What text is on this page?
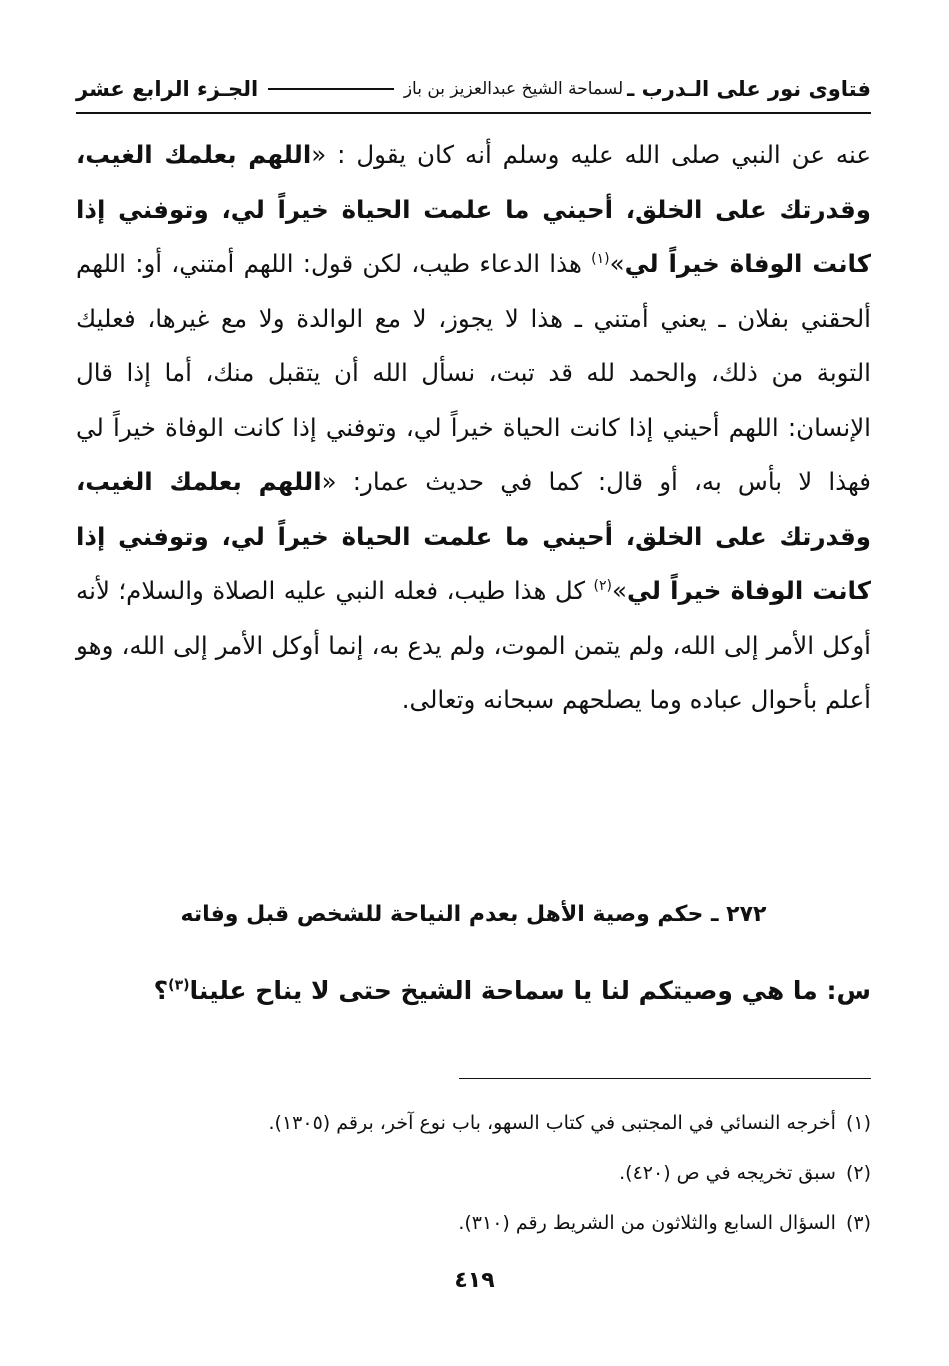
فتاوى نور على الـدرب ـ
لسماحة الشيخ عبدالعزيز بن باز
الجـزء الرابع عشر

عنه عن النبي صلى الله عليه وسلم أنه كان يقول : «اللهم بعلمك الغيب، وقدرتك على الخلق، أحيني ما علمت الحياة خيراً لي، وتوفني إذا كانت الوفاة خيراً لي»$^{(١)}$ هذا الدعاء طيب، لكن قول: اللهم أمتني، أو: اللهم ألحقني بفلان ـ يعني أمتني ـ هذا لا يجوز، لا مع الوالدة ولا مع غيرها، فعليك التوبة من ذلك، والحمد لله قد تبت، نسأل الله أن يتقبل منك، أما إذا قال الإنسان: اللهم أحيني إذا كانت الحياة خيراً لي، وتوفني إذا كانت الوفاة خيراً لي فهذا لا بأس به، أو قال: كما في حديث عمار: «اللهم بعلمك الغيب، وقدرتك على الخلق، أحيني ما علمت الحياة خيراً لي، وتوفني إذا كانت الوفاة خيراً لي»$^{(٢)}$ كل هذا طيب، فعله النبي عليه الصلاة والسلام؛ لأنه أوكل الأمر إلى الله، ولم يتمن الموت، ولم يدع به، إنما أوكل الأمر إلى الله، وهو أعلم بأحوال عباده وما يصلحهم سبحانه وتعالى.

٢٧٢ ـ حكم وصية الأهل بعدم النياحة للشخص قبل وفاته
س: ما هي وصيتكم لنا يا سماحة الشيخ حتى لا يناح علينا$^{(٣)}$؟
(١)
أخرجه النسائي في المجتبى في كتاب السهو، باب نوع آخر، برقم (١٣٠٥).
(٢)
سبق تخريجه في ص (٤٢٠).
(٣)
السؤال السابع والثلاثون من الشريط رقم (٣١٠).
٤١٩
